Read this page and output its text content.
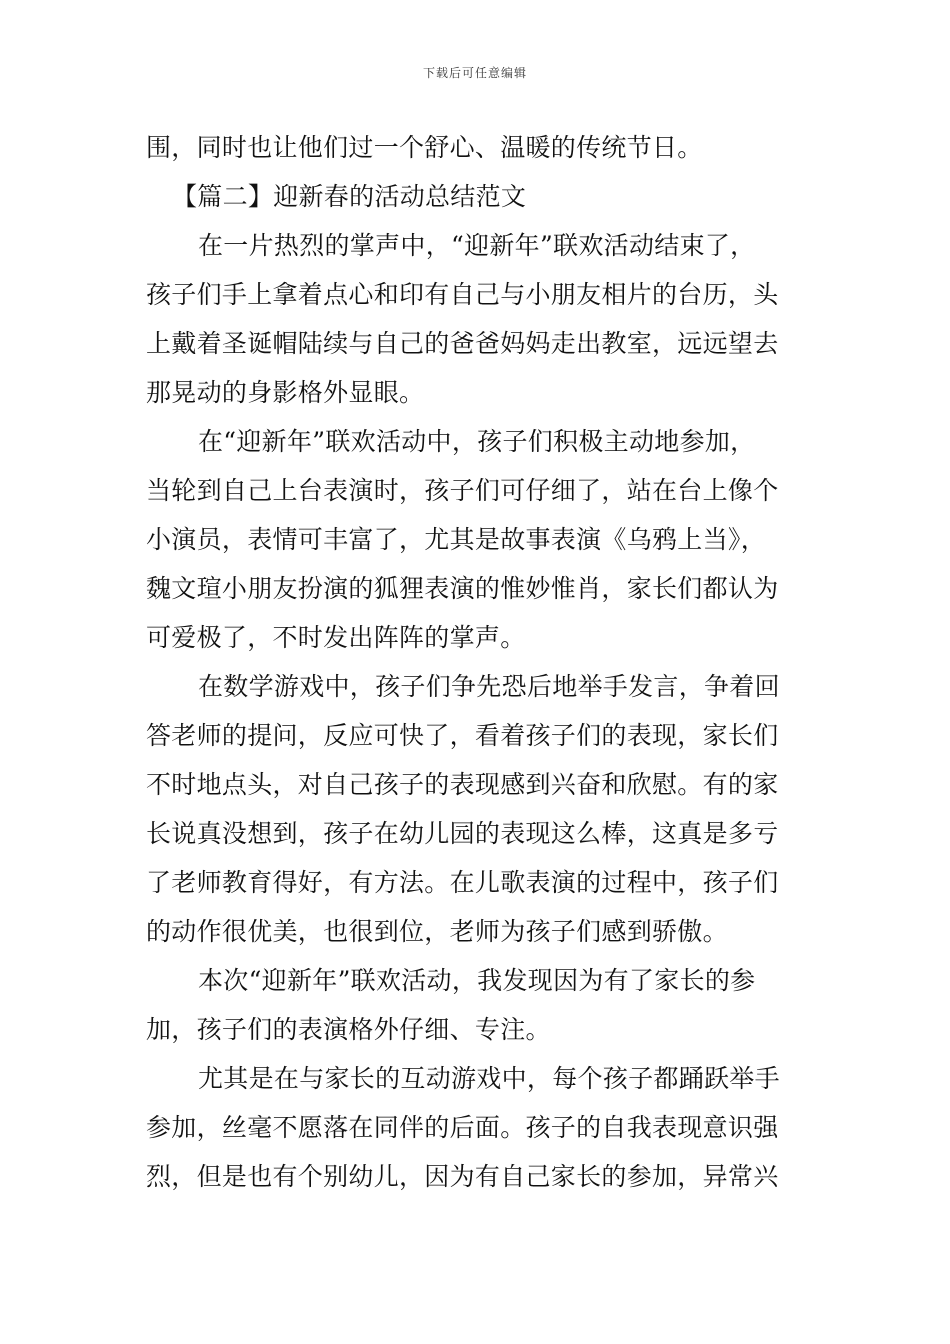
下载后可任意编辑
围，同时也让他们过一个舒心、温暖的传统节日。
【篇二】迎新春的活动总结范文
在一片热烈的掌声中，“迎新年”联欢活动结束了，
孩子们手上拿着点心和印有自己与小朋友相片的台历，头
上戴着圣诞帽陆续与自己的爸爸妈妈走出教室，远远望去
那晃动的身影格外显眼。
在“迎新年”联欢活动中，孩子们积极主动地参加，
当轮到自己上台表演时，孩子们可仔细了，站在台上像个
小演员，表情可丰富了，尤其是故事表演《乌鸦上当》，
魏文瑄小朋友扮演的狐狸表演的惟妙惟肖，家长们都认为
可爱极了，不时发出阵阵的掌声。
在数学游戏中，孩子们争先恐后地举手发言，争着回
答老师的提问，反应可快了，看着孩子们的表现，家长们
不时地点头，对自己孩子的表现感到兴奋和欣慰。有的家
长说真没想到，孩子在幼儿园的表现这么棒，这真是多亏
了老师教育得好，有方法。在儿歌表演的过程中，孩子们
的动作很优美，也很到位，老师为孩子们感到骄傲。
本次“迎新年”联欢活动，我发现因为有了家长的参
加，孩子们的表演格外仔细、专注。
尤其是在与家长的互动游戏中，每个孩子都踊跃举手
参加，丝毫不愿落在同伴的后面。孩子的自我表现意识强
烈，但是也有个别幼儿，因为有自己家长的参加，异常兴
